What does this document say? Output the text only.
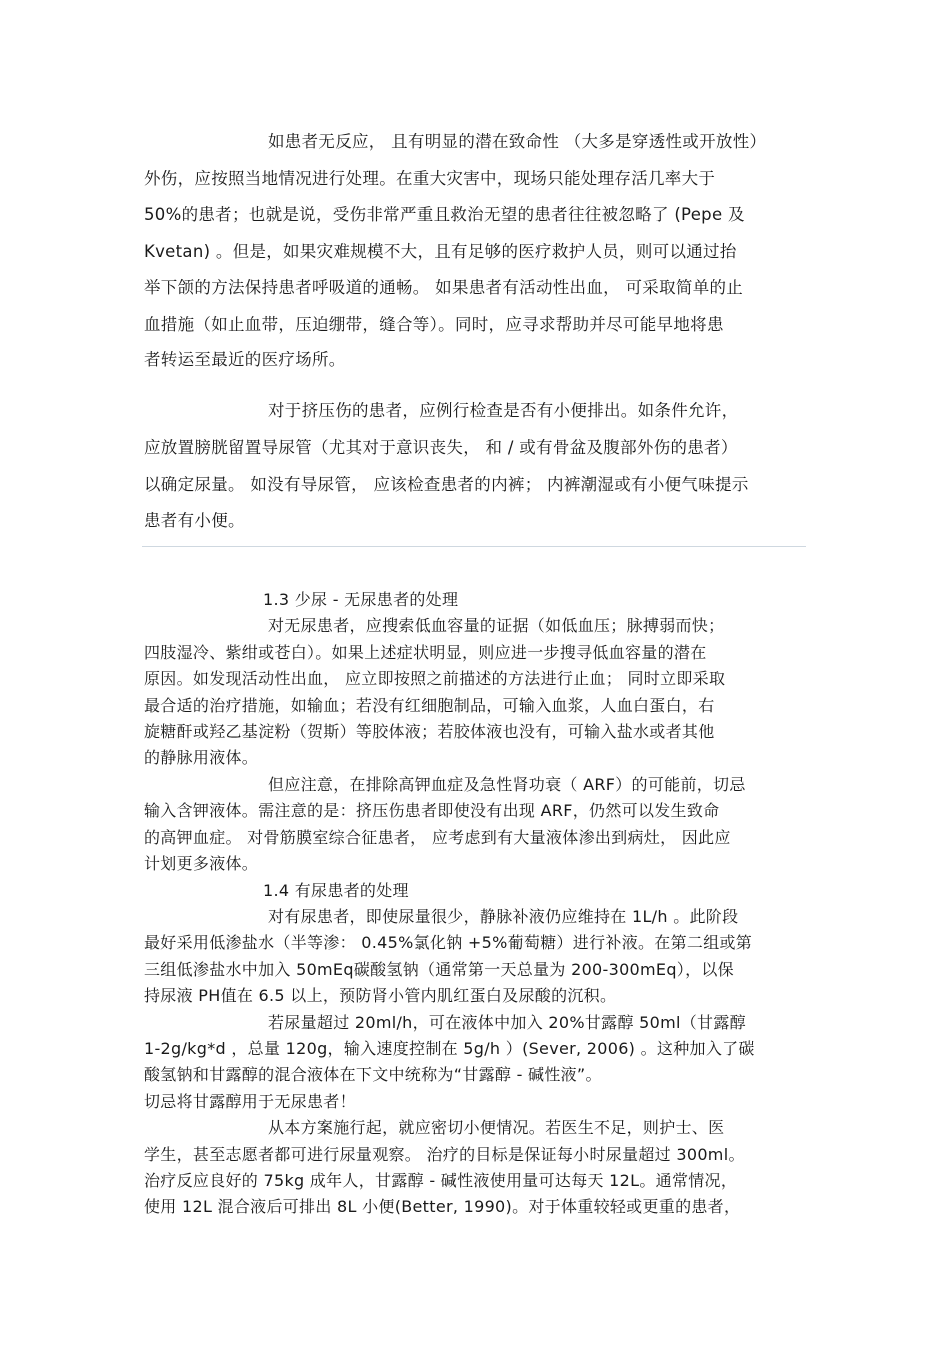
如患者无反应， 且有明显的潜在致命性 （大多是穿透性或开放性）
外伤，应按照当地情况进行处理。在重大灾害中，现场只能处理存活几率大于
50%的患者；也就是说，受伤非常严重且救治无望的患者往往被忽略了 (Pepe 及
Kvetan) 。但是，如果灾难规模不大，且有足够的医疗救护人员，则可以通过抬
举下颌的方法保持患者呼吸道的通畅。 如果患者有活动性出血， 可采取简单的止
血措施（如止血带，压迫绷带，缝合等）。同时，应寻求帮助并尽可能早地将患
者转运至最近的医疗场所。
对于挤压伤的患者，应例行检查是否有小便排出。如条件允许，
应放置膀胱留置导尿管（尤其对于意识丧失， 和 / 或有骨盆及腹部外伤的患者）
以确定尿量。 如没有导尿管， 应该检查患者的内裤； 内裤潮湿或有小便气味提示
患者有小便。
1.3 少尿 - 无尿患者的处理
对无尿患者，应搜索低血容量的证据（如低血压；脉搏弱而快；
四肢湿冷、紫绀或苍白）。如果上述症状明显，则应进一步搜寻低血容量的潜在
原因。如发现活动性出血， 应立即按照之前描述的方法进行止血； 同时立即采取
最合适的治疗措施，如输血；若没有红细胞制品，可输入血浆，人血白蛋白，右
旋糖酐或羟乙基淀粉（贺斯）等胶体液；若胶体液也没有，可输入盐水或者其他
的静脉用液体。
但应注意，在排除高钾血症及急性肾功衰（ ARF）的可能前，切忌
输入含钾液体。需注意的是：挤压伤患者即使没有出现 ARF，仍然可以发生致命
的高钾血症。 对骨筋膜室综合征患者， 应考虑到有大量液体渗出到病灶， 因此应
计划更多液体。
1.4 有尿患者的处理
对有尿患者，即使尿量很少，静脉补液仍应维持在 1L/h 。此阶段
最好采用低渗盐水（半等渗： 0.45%氯化钠 +5%葡萄糖）进行补液。在第二组或第
三组低渗盐水中加入 50mEq碳酸氢钠（通常第一天总量为 200-300mEq），以保
持尿液 PH值在 6.5 以上，预防肾小管内肌红蛋白及尿酸的沉积。
若尿量超过 20ml/h，可在液体中加入 20%甘露醇 50ml（甘露醇
1-2g/kg*d ，总量 120g，输入速度控制在 5g/h ）(Sever, 2006) 。这种加入了碳
酸氢钠和甘露醇的混合液体在下文中统称为“甘露醇 - 碱性液”。
切忌将甘露醇用于无尿患者！
从本方案施行起，就应密切小便情况。若医生不足，则护士、医
学生，甚至志愿者都可进行尿量观察。 治疗的目标是保证每小时尿量超过 300ml。
治疗反应良好的 75kg 成年人，甘露醇 - 碱性液使用量可达每天 12L。通常情况，
使用 12L 混合液后可排出 8L 小便(Better, 1990)。对于体重较轻或更重的患者，
